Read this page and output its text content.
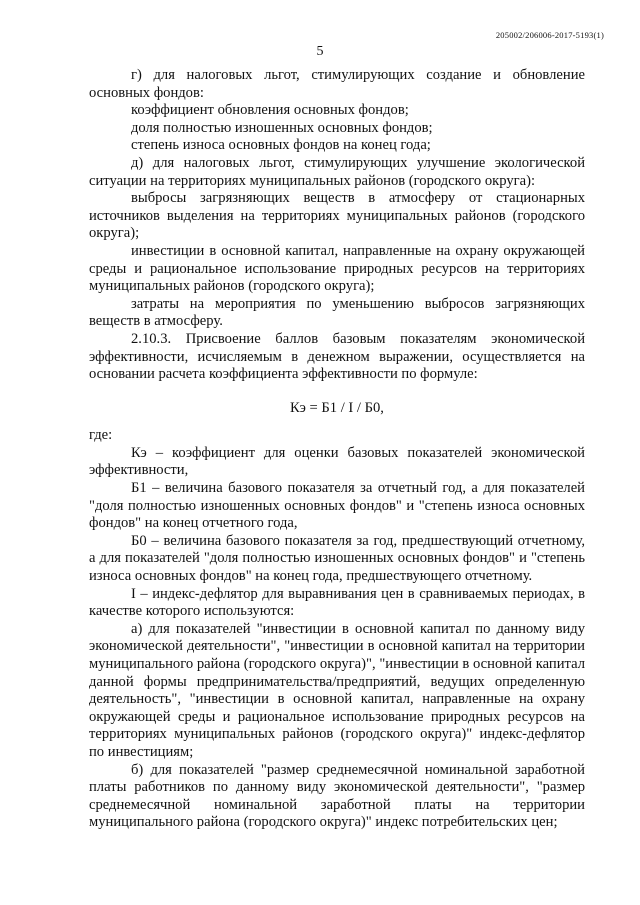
205002/206006-2017-5193(1)
5

г) для налоговых льгот, стимулирующих создание и обновление основных фондов:

коэффициент обновления основных фондов;

доля полностью изношенных основных фондов;

степень износа основных фондов на конец года;

д) для налоговых льгот, стимулирующих улучшение экологической ситуации на территориях муниципальных районов (городского округа):

выбросы загрязняющих веществ в атмосферу от стационарных источников выделения на территориях муниципальных районов (городского округа);

инвестиции в основной капитал, направленные на охрану окружающей среды и рациональное использование природных ресурсов на территориях муниципальных районов (городского округа);

затраты на мероприятия по уменьшению выбросов загрязняющих веществ в атмосферу.

2.10.3. Присвоение баллов базовым показателям экономической эффективности, исчисляемым в денежном выражении, осуществляется на основании расчета коэффициента эффективности по формуле:

Кэ = Б1 / I / Б0,

где:

Кэ – коэффициент для оценки базовых показателей экономической эффективности,

Б1 – величина базового показателя за отчетный год, а для показателей "доля полностью изношенных основных фондов" и "степень износа основных фондов" на конец отчетного года,

Б0 – величина базового показателя за год, предшествующий отчетному, а для показателей "доля полностью изношенных основных фондов" и "степень износа основных фондов" на конец года, предшествующего отчетному.

I – индекс-дефлятор для выравнивания цен в сравниваемых периодах, в качестве которого используются:

а) для показателей "инвестиции в основной капитал по данному виду экономической деятельности", "инвестиции в основной капитал на территории муниципального района (городского округа)", "инвестиции в основной капитал данной формы предпринимательства/предприятий, ведущих определенную деятельность", "инвестиции в основной капитал, направленные на охрану окружающей среды и рациональное использование природных ресурсов на территориях муниципальных районов (городского округа)" индекс-дефлятор по инвестициям;

б) для показателей "размер среднемесячной номинальной заработной платы работников по данному виду экономической деятельности", "размер среднемесячной номинальной заработной платы на территории муниципального района (городского округа)" индекс потребительских цен;
